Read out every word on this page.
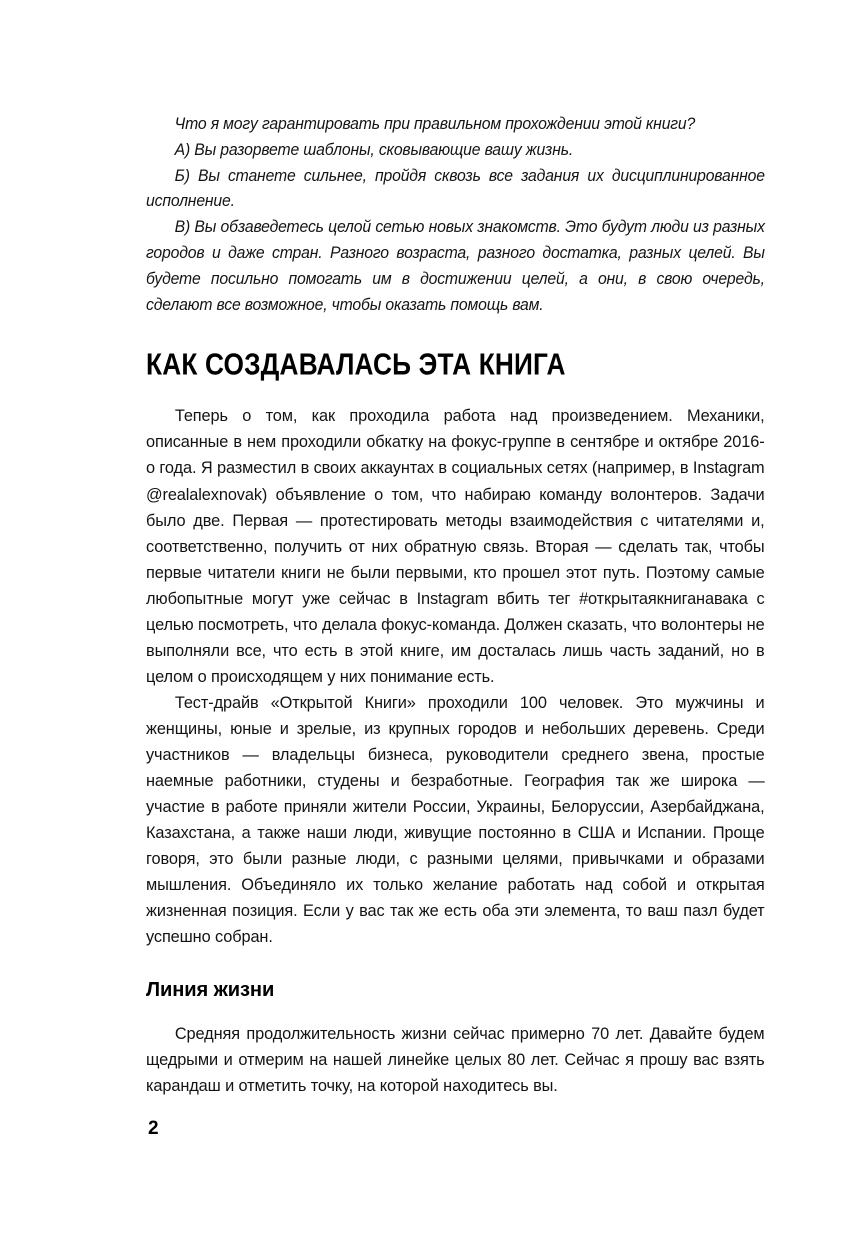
Что я могу гарантировать при правильном прохождении этой книги?

А) Вы разорвете шаблоны, сковывающие вашу жизнь.

Б) Вы станете сильнее, пройдя сквозь все задания их дисциплинированное исполнение.

В) Вы обзаведетесь целой сетью новых знакомств. Это будут люди из разных городов и даже стран. Разного возраста, разного достатка, разных целей. Вы будете посильно помогать им в достижении целей, а они, в свою очередь, сделают все возможное, чтобы оказать помощь вам.

КАК СОЗДАВАЛАСЬ ЭТА КНИГА

Теперь о том, как проходила работа над произведением. Механики, описанные в нем проходили обкатку на фокус-группе в сентябре и октябре 2016-о года. Я разместил в своих аккаунтах в социальных сетях (например, в Instagram @realalexnovak) объявление о том, что набираю команду волонтеров. Задачи было две. Первая — протестировать методы взаимодействия с читателями и, соответственно, получить от них обратную связь. Вторая — сделать так, чтобы первые читатели книги не были первыми, кто прошел этот путь. Поэтому самые любопытные могут уже сейчас в Instagram вбить тег #открытаякниганавака с целью посмотреть, что делала фокус-команда. Должен сказать, что волонтеры не выполняли все, что есть в этой книге, им досталась лишь часть заданий, но в целом о происходящем у них понимание есть.

Тест-драйв «Открытой Книги» проходили 100 человек. Это мужчины и женщины, юные и зрелые, из крупных городов и небольших деревень. Среди участников — владельцы бизнеса, руководители среднего звена, простые наемные работники, студены и безработные. География так же широка — участие в работе приняли жители России, Украины, Белоруссии, Азербайджана, Казахстана, а также наши люди, живущие постоянно в США и Испании. Проще говоря, это были разные люди, с разными целями, привычками и образами мышления. Объединяло их только желание работать над собой и открытая жизненная позиция. Если у вас так же есть оба эти элемента, то ваш пазл будет успешно собран.

Линия жизни

Средняя продолжительность жизни сейчас примерно 70 лет. Давайте будем щедрыми и отмерим на нашей линейке целых 80 лет. Сейчас я прошу вас взять карандаш и отметить точку, на которой находитесь вы.

2
